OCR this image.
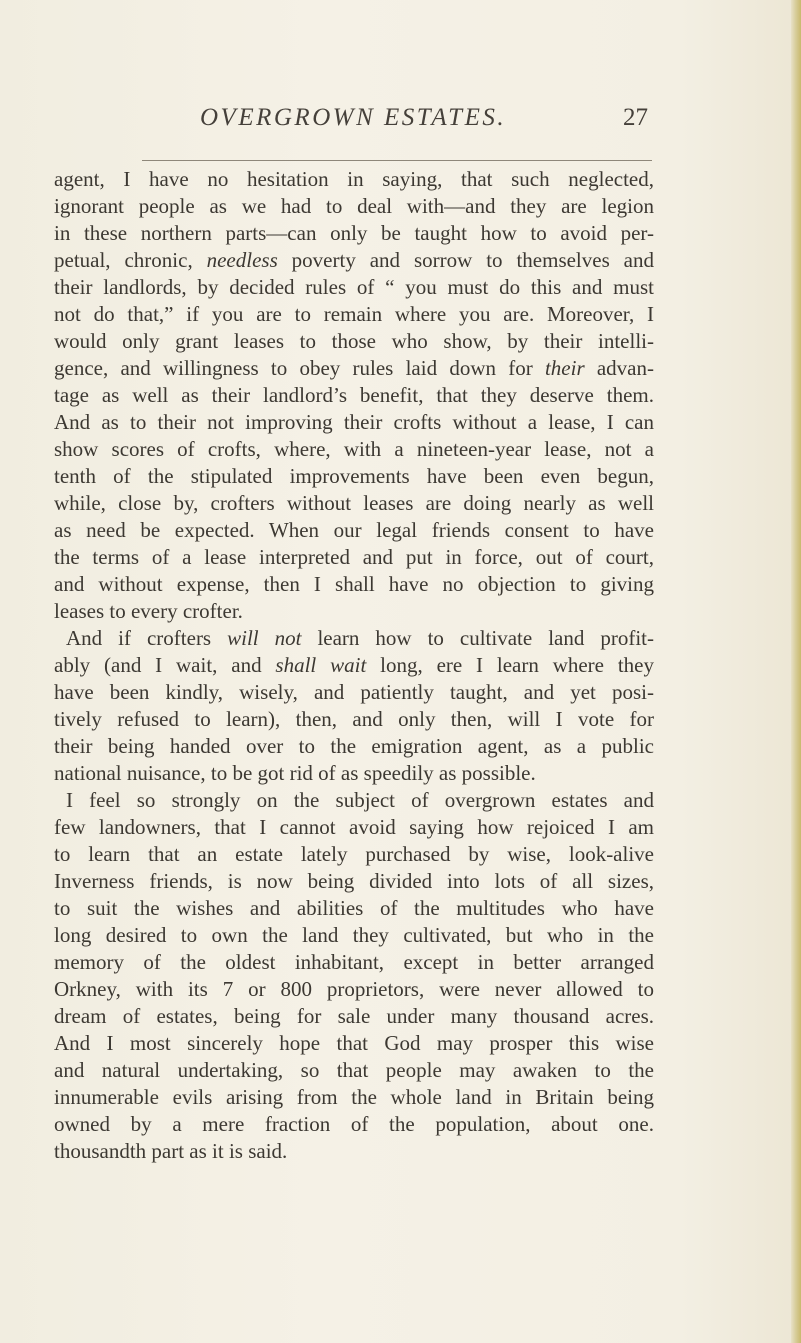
OVERGROWN ESTATES.	27
agent, I have no hesitation in saying, that such neglected,
ignorant people as we had to deal with—and they are legion
in these northern parts—can only be taught how to avoid per-
petual, chronic, needless poverty and sorrow to themselves and
their landlords, by decided rules of “ you must do this and must
not do that,” if you are to remain where you are. Moreover, I
would only grant leases to those who show, by their intelli-
gence, and willingness to obey rules laid down for their advan-
tage as well as their landlord’s benefit, that they deserve them.
And as to their not improving their crofts without a lease, I can
show scores of crofts, where, with a nineteen-year lease, not a
tenth of the stipulated improvements have been even begun,
while, close by, crofters without leases are doing nearly as well
as need be expected. When our legal friends consent to have
the terms of a lease interpreted and put in force, out of court,
and without expense, then I shall have no objection to giving
leases to every crofter.
And if crofters will not learn how to cultivate land profit-
ably (and I wait, and shall wait long, ere I learn where they
have been kindly, wisely, and patiently taught, and yet posi-
tively refused to learn), then, and only then, will I vote for
their being handed over to the emigration agent, as a public
national nuisance, to be got rid of as speedily as possible.
I feel so strongly on the subject of overgrown estates and
few landowners, that I cannot avoid saying how rejoiced I am
to learn that an estate lately purchased by wise, look-alive
Inverness friends, is now being divided into lots of all sizes,
to suit the wishes and abilities of the multitudes who have
long desired to own the land they cultivated, but who in the
memory of the oldest inhabitant, except in better arranged
Orkney, with its 7 or 800 proprietors, were never allowed to
dream of estates, being for sale under many thousand acres.
And I most sincerely hope that God may prosper this wise
and natural undertaking, so that people may awaken to the
innumerable evils arising from the whole land in Britain being
owned by a mere fraction of the population, about one.
thousandth part as it is said.
